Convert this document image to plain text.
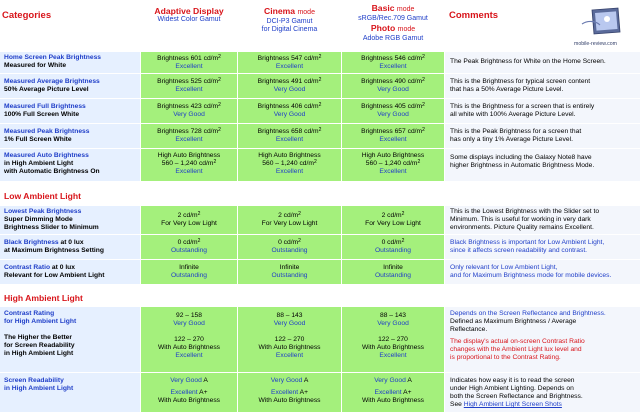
Categories	Adaptive Display
Widest Color Gamut
Cinema mode
DCI-P3 Gamut
for Digital Cinema
Basic mode
sRGB/Rec.709 Gamut
Photo mode
Adobe RGB Gamut
Comments
mobile-review.com
Home Screen Peak Brightness
Measured for White
Brightness 601 $cd/m^2$
Excellent
Brightness 547 $cd/m^2$
Excellent
Brightness 546 $cd/m^2$
Excellent
The Peak Brightness for White on the Home Screen.
Measured Average Brightness
50% Average Picture Level
Brightness 525 $cd/m^2$
Excellent
Brightness 491 $cd/m^2$
Very Good
Brightness 490 $cd/m^2$
Very Good
This is the Brightness for typical screen content
that has a 50% Average Picture Level.
Measured Full Brightness
100% Full Screen White
Brightness 423 $cd/m^2$
Very Good
Brightness 406 $cd/m^2$
Very Good
Brightness 405 $cd/m^2$
Very Good
This is the Brightness for a screen that is entirely
all white with 100% Average Picture Level.
Measured Peak Brightness
1% Full Screen White
Brightness 728 $cd/m^2$
Excellent
Brightness 658 $cd/m^2$
Excellent
Brightness 657 $cd/m^2$
Excellent
This is the Peak Brightness for a screen that
has only a tiny 1% Average Picture Level.
Measured Auto Brightness
in High Ambient Light
with Automatic Brightness On
High Auto Brightness
560 – 1,240 $cd/m^2$
Excellent
High Auto Brightness
560 – 1,240 $cd/m^2$
Excellent
High Auto Brightness
560 – 1,240 $cd/m^2$
Excellent
Some displays including the Galaxy Note8 have
higher Brightness in Automatic Brightness Mode.
Low Ambient Light
Lowest Peak Brightness
Super Dimming Mode
Brightness Slider to Minimum
2 $cd/m^2$
For Very Low Light
2 $cd/m^2$
For Very Low Light
2 $cd/m^2$
For Very Low Light
This is the Lowest Brightness with the Slider set to
Minimum. This is useful for working in very dark
environments. Picture Quality remains Excellent.
Black Brightness at 0 lux
at Maximum Brightness Setting
0 $cd/m^2$
Outstanding
0 $cd/m^2$
Outstanding
0 $cd/m^2$
Outstanding
Black Brightness is important for Low Ambient Light,
since it affects screen readability and contrast.
Contrast Ratio at 0 lux
Relevant for Low Ambient Light
Infinite
Outstanding
Infinite
Outstanding
Infinite
Outstanding
Only relevant for Low Ambient Light,
and for Maximum Brightness mode for mobile devices.
High Ambient Light
Contrast Rating
for High Ambient Light
The Higher the Better
for Screen Readability
in High Ambient Light
92 – 158
Very Good
122 – 270
With Auto Brightness
Excellent
88 – 143
Very Good
122 – 270
With Auto Brightness
Excellent
88 – 143
Very Good
122 – 270
With Auto Brightness
Excellent
Depends on the Screen Reflectance and Brightness.
Defined as Maximum Brightness / Average
Reflectance.
The display's actual on-screen Contrast Ratio
changes with the Ambient Light lux level and
is proportional to the Contrast Rating.
Screen Readability
in High Ambient Light
Very Good A
Excellent A+
With Auto Brightness
Very Good A
Excellent A+
With Auto Brightness
Very Good A
Excellent A+
With Auto Brightness
Indicates how easy it is to read the screen
under High Ambient Lighting. Depends on
both the Screen Reflectance and Brightness.
See High Ambient Light Screen Shots
